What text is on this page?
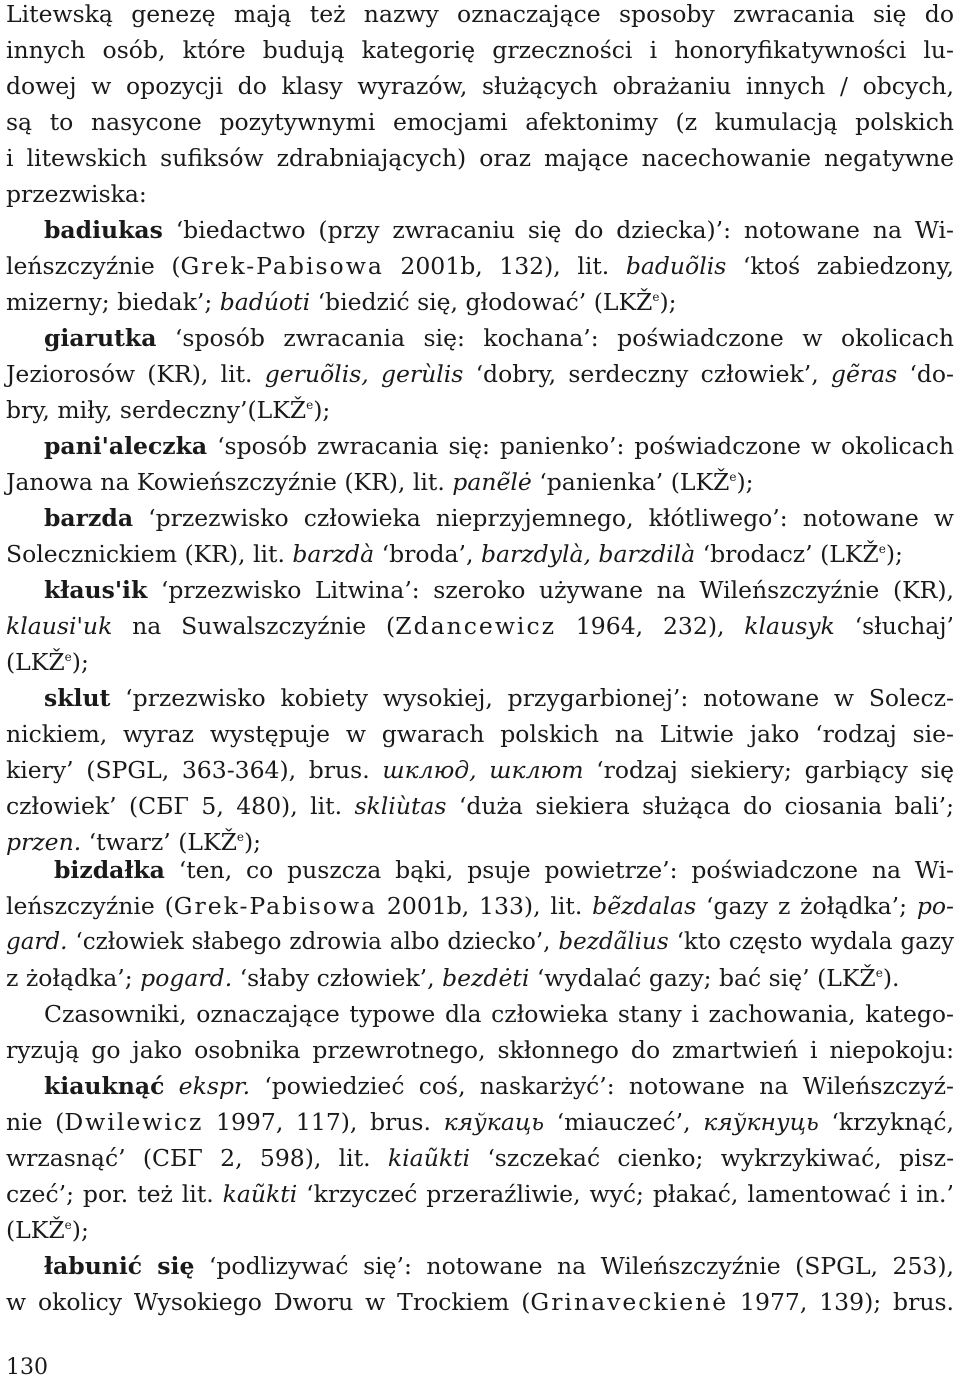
Litewską genezę mają też nazwy oznaczające sposoby zwracania się do
innych osób, które budują kategorię grzeczności i honoryfikatywności lu-
dowej w opozycji do klasy wyrazów, służących obrażaniu innych / obcych,
są to nasycone pozytywnymi emocjami afektonimy (z kumulacją polskich
i litewskich sufiksów zdrabniających) oraz mające nacechowanie negatywne
przezwiska:
badiukas ‘biedactwo (przy zwracaniu się do dziecka)’: notowane na Wi-
leńszczyźnie (Grek-Pabisowa 2001b, 132), lit. baduõlis ‘ktoś zabiedzony,
mizerny; biedak’; badúoti ‘biedzić się, głodować’ (LKŽ$^e$);
giarutka ‘sposób zwracania się: kochana’: poświadczone w okolicach
Jeziorosów (KR), lit. geruõlis, gerùlis ‘dobry, serdeczny człowiek’, gẽras ‘do-
bry, miły, serdeczny’(LKŽ$^e$);
pani'aleczka ‘sposób zwracania się: panienko’: poświadczone w okolicach
Janowa na Kowieńszczyźnie (KR), lit. panẽlė ‘panienka’ (LKŽ$^e$);
barzda ‘przezwisko człowieka nieprzyjemnego, kłótliwego’: notowane w
Solecznickiem (KR), lit. barzdà ‘broda’, barzdylà, barzdilà ‘brodacz’ (LKŽ$^e$);
kłaus'ik ‘przezwisko Litwina’: szeroko używane na Wileńszczyźnie (KR),
klausi'uk na Suwalszczyźnie (Zdancewicz 1964, 232), klausyk ‘słuchaj’
(LKŽ$^e$);
sklut ‘przezwisko kobiety wysokiej, przygarbionej’: notowane w Solecz-
nickiem, wyraz występuje w gwarach polskich na Litwie jako ‘rodzaj sie-
kiery’ (SPGL, 363-364), brus. шклюд, шклют ‘rodzaj siekiery; garbiący się
człowiek’ (СБГ 5, 480), lit. skliùtas ‘duża siekiera służąca do ciosania bali’;
przen. ‘twarz’ (LKŽ$^e$);
bizdałka ‘ten, co puszcza bąki, psuje powietrze’: poświadczone na Wi-
leńszczyźnie (Grek-Pabisowa 2001b, 133), lit. bẽzdalas ‘gazy z żołądka’; po-
gard. ‘człowiek słabego zdrowia albo dziecko’, bezdãlius ‘kto często wydala gazy
z żołądka’; pogard. ‘słaby człowiek’, bezdėti ‘wydalać gazy; bać się’ (LKŽ$^e$).
Czasowniki, oznaczające typowe dla człowieka stany i zachowania, katego-
ryzują go jako osobnika przewrotnego, skłonnego do zmartwień i niepokoju:
kiauknąć ekspr. ‘powiedzieć coś, naskarżyć’: notowane na Wileńszczyź-
nie (Dwilewicz 1997, 117), brus. кяўкаць ‘miauczeć’, кяўкнуць ‘krzyknąć,
wrzasnąć’ (СБГ 2, 598), lit. kiaũkti ‘szczekać cienko; wykrzykiwać, pisz-
czeć’; por. też lit. kaũkti ‘krzyczeć przeraźliwie, wyć; płakać, lamentować i in.’
(LKŽ$^e$);
łabunić się ‘podlizywać się’: notowane na Wileńszczyźnie (SPGL, 253),
w okolicy Wysokiego Dworu w Trockiem (Grinaveckienė 1977, 139); brus.
130
